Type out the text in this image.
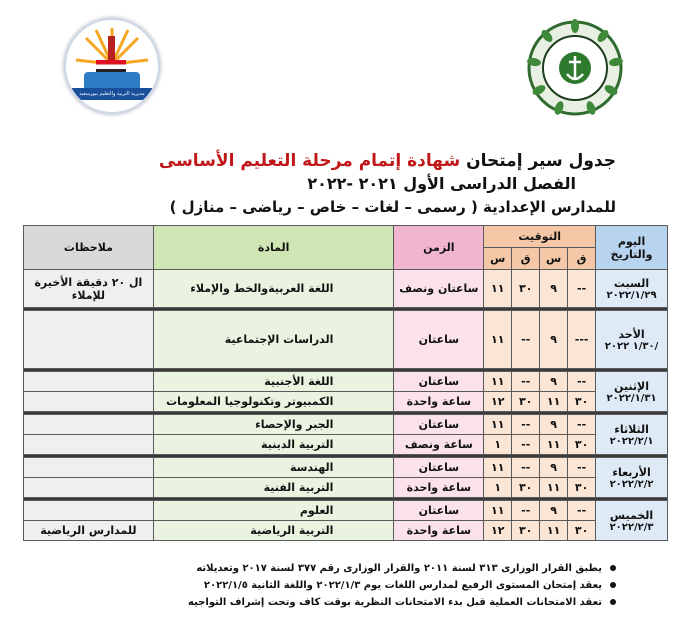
مديرية التربية والتعليم ببورسعيد
جدول سير إمتحان شهادة إتمام مرحلة التعليم الأساسى
الفصل الدراسى الأول ٢٠٢١ -٢٠٢٢
للمدارس الإعدادية ( رسمى – لغات – خاص – رياضى – منازل )
اليوم والتاريخ	التوقيت				الزمن	المادة	ملاحظات
	ق	س	ق	س			

السبت
٢٠٢٢/١/٢٩	--	٩	٣٠	١١	ساعتان ونصف	اللغة العربيةوالخط والإملاء	ال ٢٠ دقيقة الأخيرة للإملاء

الأحد
/١/٣٠ ٢٠٢٢	---	٩	--	١١	ساعتان	الدراسات الإجتماعية	

الإثنين
٢٠٢٢/١/٣١	--	٩	--	١١	ساعتان	اللغة الأجنبية	
	٣٠	١١	٣٠	١٢	ساعة واحدة	الكمبيوتر وتكنولوجيا المعلومات	

الثلاثاء
٢٠٢٢/٢/١	--	٩	--	١١	ساعتان	الجبر والإحصاء	
	٣٠	١١	--	١	ساعة ونصف	التربية الدينية	

الأربعاء
٢٠٢٢/٢/٢	--	٩	--	١١	ساعتان	الهندسة	
	٣٠	١١	٣٠	١	ساعة واحدة	التربية الفنية	

الخميس
٢٠٢٢/٢/٣	--	٩	--	١١	ساعتان	العلوم	
	٣٠	١١	٣٠	١٢	ساعة واحدة	التربية الرياضية	للمدارس الرياضية
يطبق القرار الوزارى ٣١٣ لسنة ٢٠١١ والقرار الوزارى رقم ٣٧٧ لسنة ٢٠١٧ وتعديلاته
يعقد إمتحان المستوى الرفيع لمدارس اللغات يوم ٢٠٢٢/١/٣ واللغة الثانية ٢٠٢٢/١/٥
تعقد الامتحانات العملية قبل بدء الامتحانات النظرية بوقت كاف وتحت إشراف التواجيه
